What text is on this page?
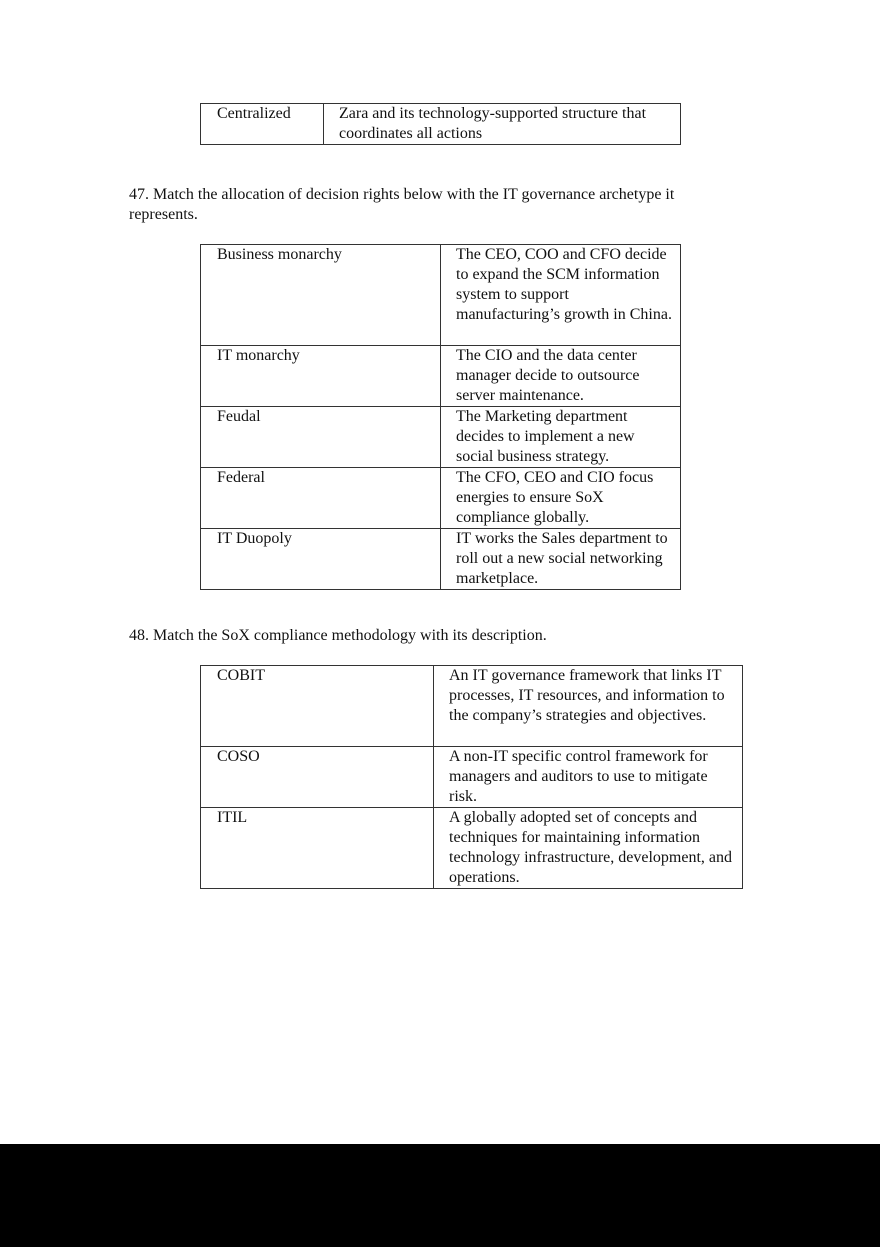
Centralized	Zara and its technology-supported structure that coordinates all actions
47. Match the allocation of decision rights below with the IT governance archetype it represents.
Business monarchy	The CEO, COO and CFO decide to expand the SCM information system to support manufacturing’s growth in China.
IT monarchy	The CIO and the data center manager decide to outsource server maintenance.
Feudal	The Marketing department decides to implement a new social business strategy.
Federal	The CFO, CEO and CIO focus energies to ensure SoX compliance globally.
IT Duopoly	IT works the Sales department to roll out a new social networking marketplace.
48. Match the SoX compliance methodology with its description.
COBIT	An IT governance framework that links IT processes, IT resources, and information to the company’s strategies and objectives.
COSO	A non-IT specific control framework for managers and auditors to use to mitigate risk.
ITIL	A globally adopted set of concepts and techniques for maintaining information technology infrastructure, development, and operations.
